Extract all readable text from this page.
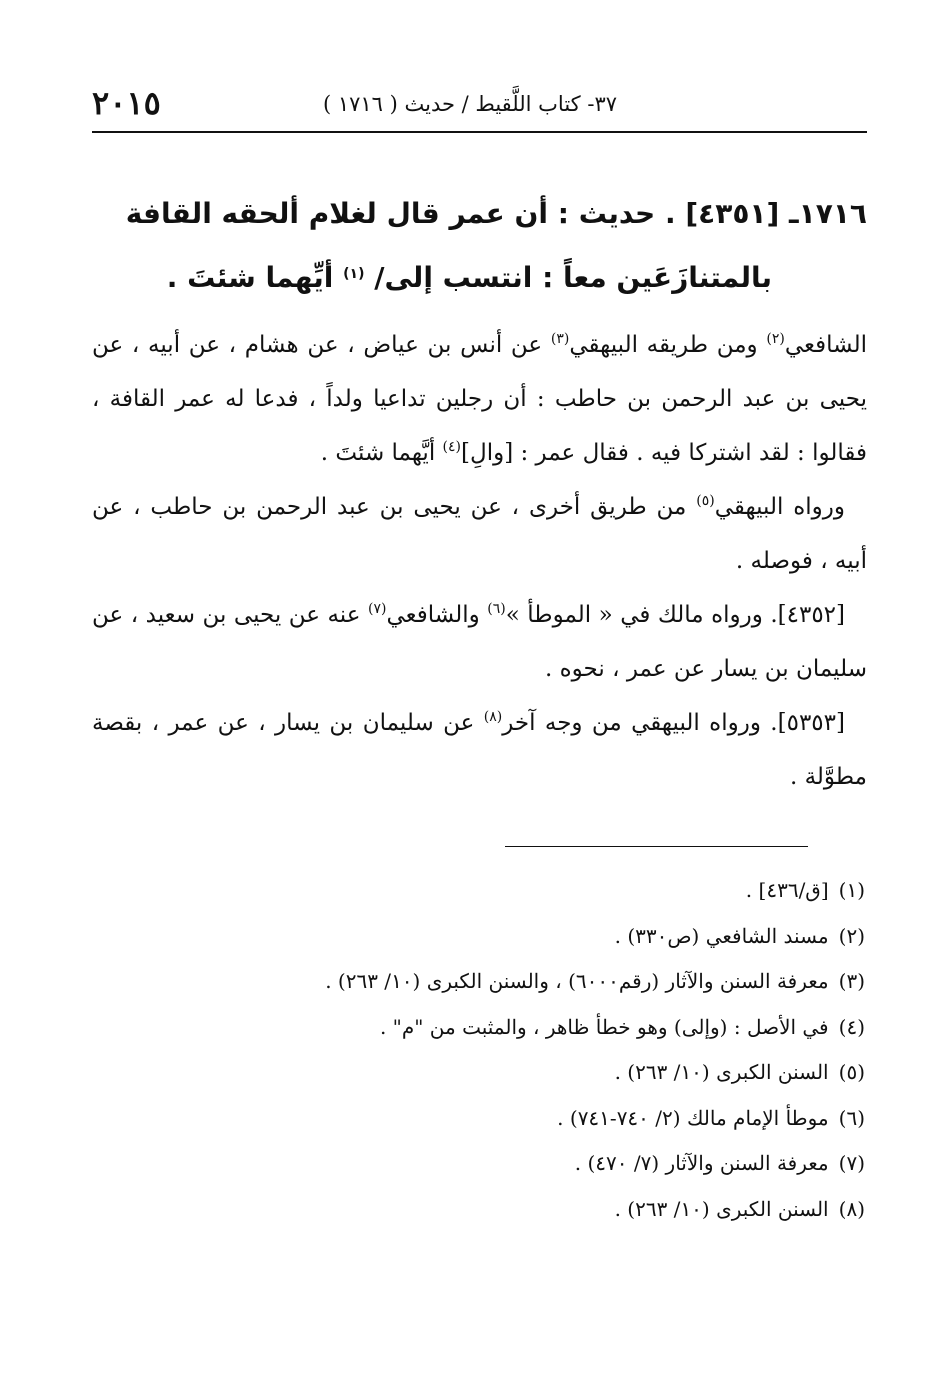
٣٧- كتاب اللَّقيط / حديث ( ١٧١٦ )
٢٠١٥

١٧١٦ـ [٤٣٥١] . حديث : أن عمر قال لغلام ألحقه القافة
بالمتنازَعَين معاً : انتسب إلى/ $^{(١)}$ أيِّهما شئتَ .

الشافعي$^{(٢)}$ ومن طريقه البيهقي$^{(٣)}$ عن أنس بن عياض ، عن هشام ، عن أبيه ، عن يحيى بن عبد الرحمن بن حاطب : أن رجلين تداعيا ولداً ، فدعا له عمر القافة ، فقالوا : لقد اشتركا فيه . فقال عمر : [والِ]$^{(٤)}$ أيَّهما شئتَ .

ورواه البيهقي$^{(٥)}$ من طريق أخرى ، عن يحيى بن عبد الرحمن بن حاطب ، عن أبيه ، فوصله .

[٤٣٥٢]. ورواه مالك في « الموطأ »$^{(٦)}$ والشافعي$^{(٧)}$ عنه عن يحيى بن سعيد ، عن سليمان بن يسار عن عمر ، نحوه .

[٥٣٥٣]. ورواه البيهقي من وجه آخر$^{(٨)}$ عن سليمان بن يسار ، عن عمر ، بقصة مطوَّلة .

(١)[ق/٤٣٦] .
(٢)مسند الشافعي (ص٣٣٠) .
(٣)معرفة السنن والآثار (رقم٦٠٠٠) ، والسنن الكبرى (١٠/ ٢٦٣) .
(٤)في الأصل : (وإلى) وهو خطأ ظاهر ، والمثبت من "م" .
(٥)السنن الكبرى (١٠/ ٢٦٣) .
(٦)موطأ الإمام مالك (٢/ ٧٤٠-٧٤١) .
(٧)معرفة السنن والآثار (٧/ ٤٧٠) .
(٨)السنن الكبرى (١٠/ ٢٦٣) .
